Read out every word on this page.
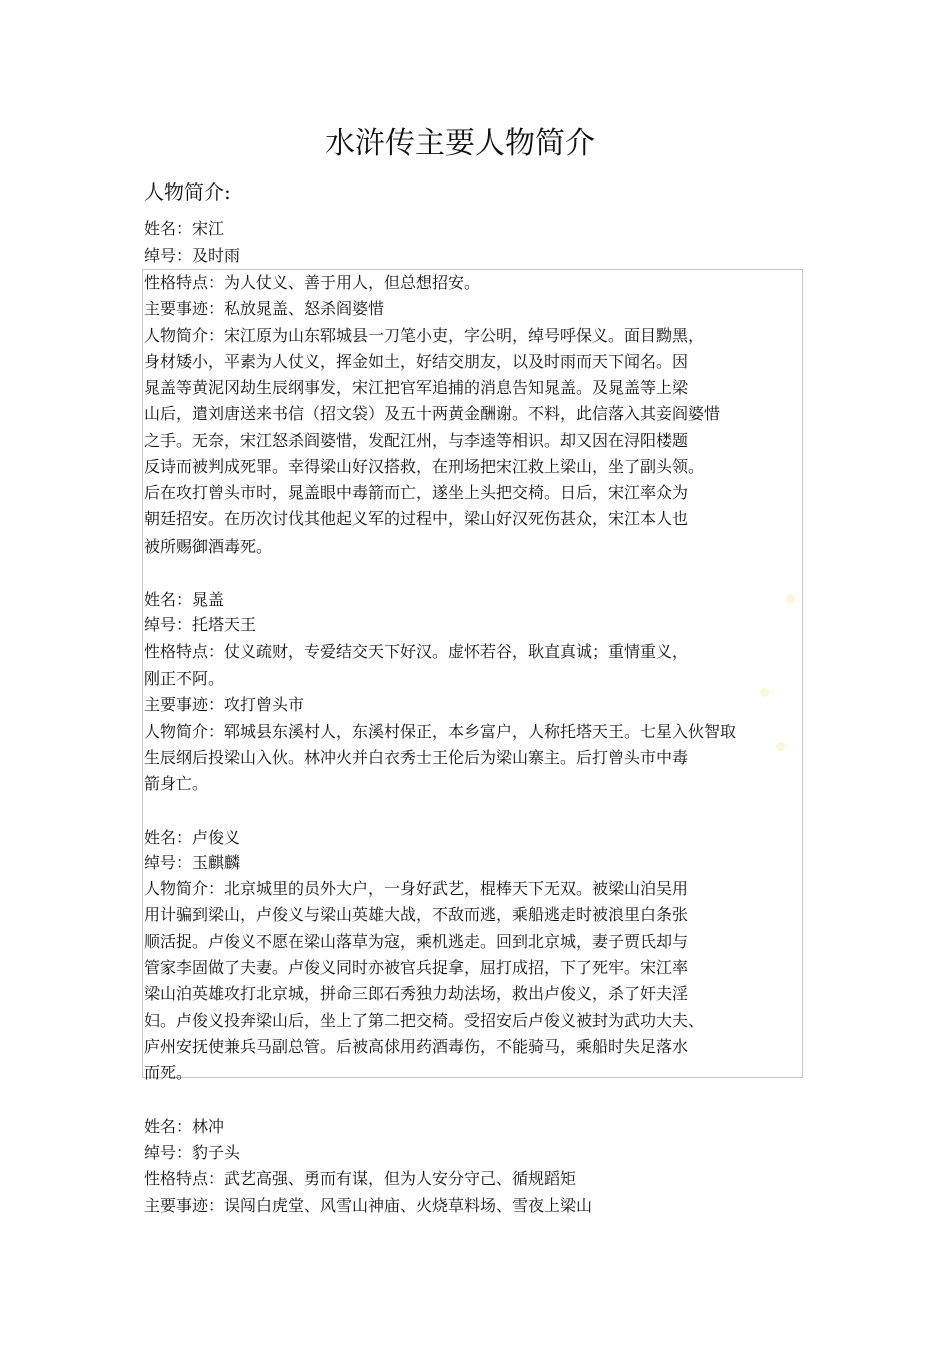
水浒传主要人物简介
人物简介:
姓名：宋江
绰号：及时雨
性格特点：为人仗义、善于用人，但总想招安。
主要事迹：私放晁盖、怒杀阎婆惜
人物简介：宋江原为山东郓城县一刀笔小吏，字公明，绰号呼保义。面目黝黑，
身材矮小，平素为人仗义，挥金如土，好结交朋友，以及时雨而天下闻名。因
晁盖等黄泥冈劫生辰纲事发，宋江把官军追捕的消息告知晁盖。及晁盖等上梁
山后，遣刘唐送来书信（招文袋）及五十两黄金酬谢。不料，此信落入其妾阎婆惜
之手。无奈，宋江怒杀阎婆惜，发配江州，与李逵等相识。却又因在浔阳楼题
反诗而被判成死罪。幸得梁山好汉搭救，在刑场把宋江救上梁山，坐了副头领。
后在攻打曾头市时，晁盖眼中毒箭而亡，遂坐上头把交椅。日后，宋江率众为
朝廷招安。在历次讨伐其他起义军的过程中，梁山好汉死伤甚众，宋江本人也
被所赐御酒毒死。
姓名：晁盖
绰号：托塔天王
性格特点：仗义疏财，专爱结交天下好汉。虚怀若谷，耿直真诚；重情重义，
刚正不阿。
主要事迹：攻打曾头市
人物简介：郓城县东溪村人，东溪村保正，本乡富户，人称托塔天王。七星入伙智取
生辰纲后投梁山入伙。林冲火并白衣秀士王伦后为梁山寨主。后打曾头市中毒
箭身亡。
姓名：卢俊义
绰号：玉麒麟
人物简介：北京城里的员外大户，一身好武艺，棍棒天下无双。被梁山泊吴用
用计骗到梁山，卢俊义与梁山英雄大战，不敌而逃，乘船逃走时被浪里白条张
顺活捉。卢俊义不愿在梁山落草为寇，乘机逃走。回到北京城，妻子贾氏却与
管家李固做了夫妻。卢俊义同时亦被官兵捉拿，屈打成招，下了死牢。宋江率
梁山泊英雄攻打北京城，拼命三郎石秀独力劫法场，救出卢俊义，杀了奸夫淫
妇。卢俊义投奔梁山后，坐上了第二把交椅。受招安后卢俊义被封为武功大夫、
庐州安抚使兼兵马副总管。后被高俅用药酒毒伤，不能骑马，乘船时失足落水
而死。
姓名：林冲
绰号：豹子头
性格特点：武艺高强、勇而有谋，但为人安分守己、循规蹈矩
主要事迹：误闯白虎堂、风雪山神庙、火烧草料场、雪夜上梁山
